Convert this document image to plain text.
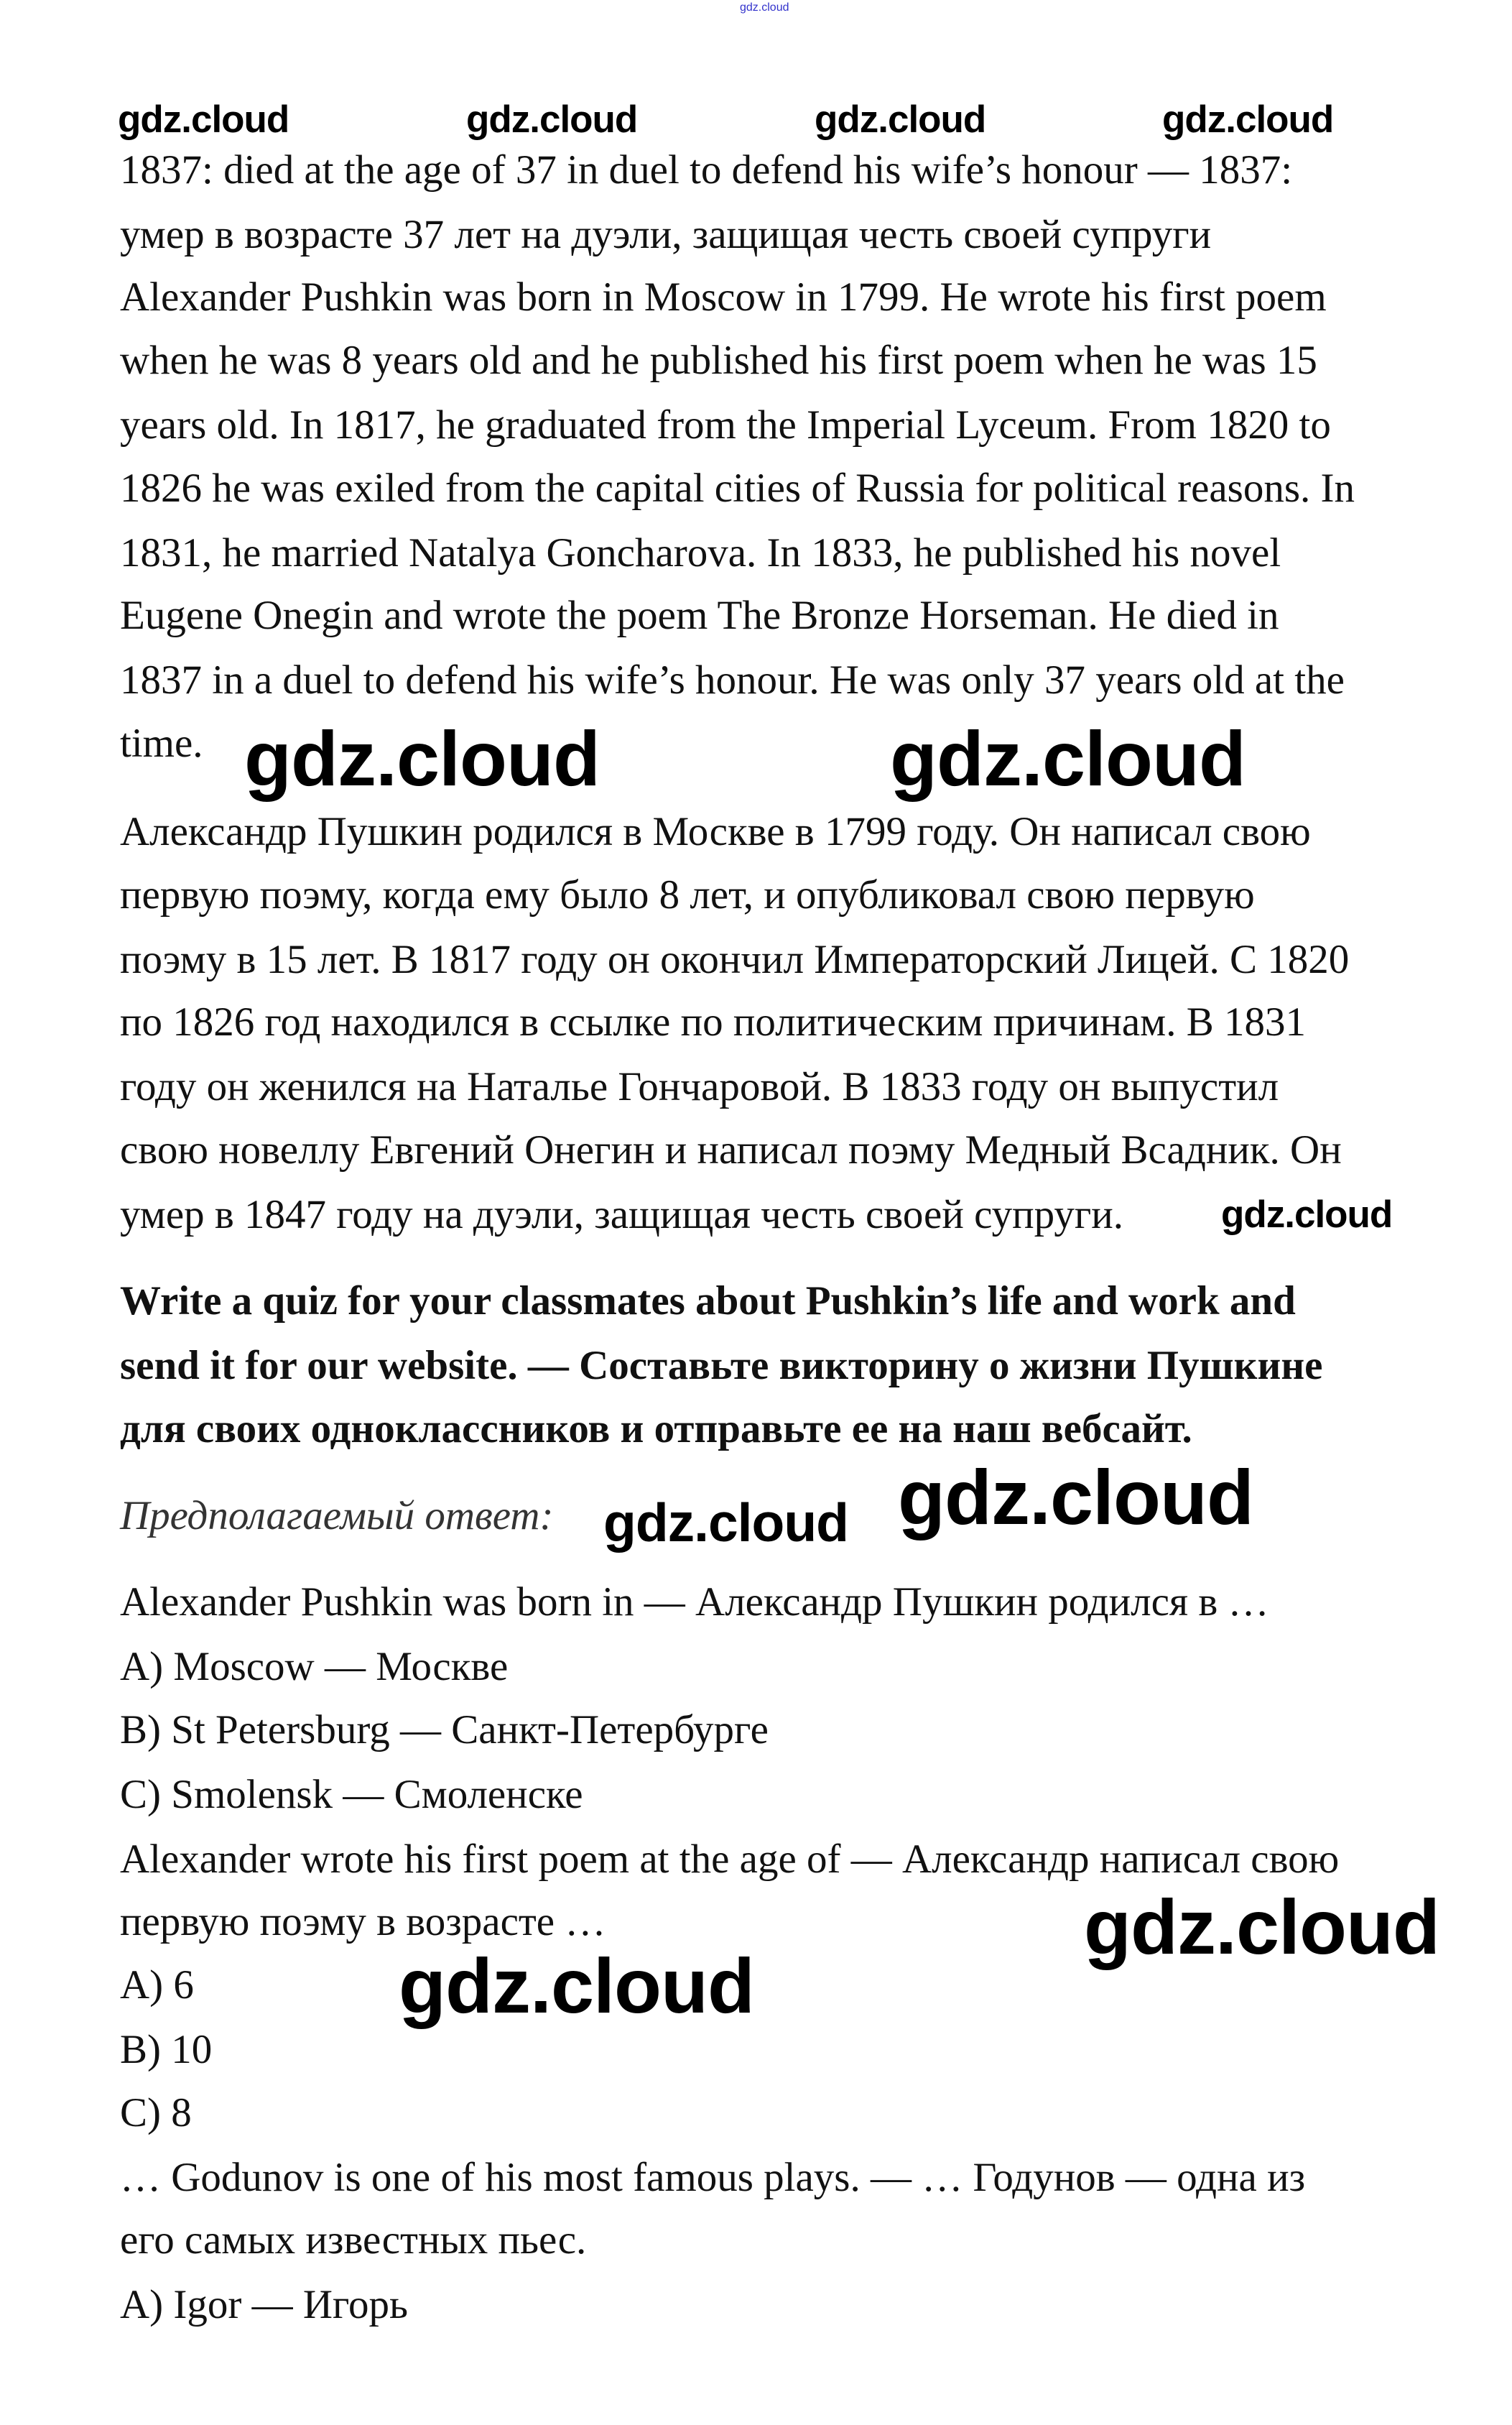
gdz.cloud
1837: died at the age of 37 in duel to defend his wife’s honour — 1837:
умер в возрасте 37 лет на дуэли, защищая честь своей супруги
Alexander Pushkin was born in Moscow in 1799. He wrote his first poem
when he was 8 years old and he published his first poem when he was 15
years old. In 1817, he graduated from the Imperial Lyceum. From 1820 to
1826 he was exiled from the capital cities of Russia for political reasons. In
1831, he married Natalya Goncharova. In 1833, he published his novel
Eugene Onegin and wrote the poem The Bronze Horseman. He died in
1837 in a duel to defend his wife’s honour. He was only 37 years old at the
time.
Александр Пушкин родился в Москве в 1799 году. Он написал свою
первую поэму, когда ему было 8 лет, и опубликовал свою первую
поэму в 15 лет. В 1817 году он окончил Императорский Лицей. С 1820
по 1826 год находился в ссылке по политическим причинам. В 1831
году он женился на Наталье Гончаровой. В 1833 году он выпустил
свою новеллу Евгений Онегин и написал поэму Медный Всадник. Он
умер в 1847 году на дуэли, защищая честь своей супруги.
Write a quiz for your classmates about Pushkin’s life and work and
send it for our website. — Составьте викторину о жизни Пушкине
для своих одноклассников и отправьте ее на наш вебсайт.
Предполагаемый ответ:
Alexander Pushkin was born in — Александр Пушкин родился в …
A) Moscow — Москве
B) St Petersburg — Санкт-Петербурге
C) Smolensk — Смоленске
Alexander wrote his first poem at the age of — Александр написал свою
первую поэму в возрасте …
A) 6
B) 10
C) 8
… Godunov is one of his most famous plays. — … Годунов — одна из
его самых известных пьес.
A) Igor — Игорь
gdz.cloud	gdz.cloud	gdz.cloud	gdz.cloud
gdz.cloud	gdz.cloud
gdz.cloud
gdz.cloud
gdz.cloud
gdz.cloud
gdz.cloud
